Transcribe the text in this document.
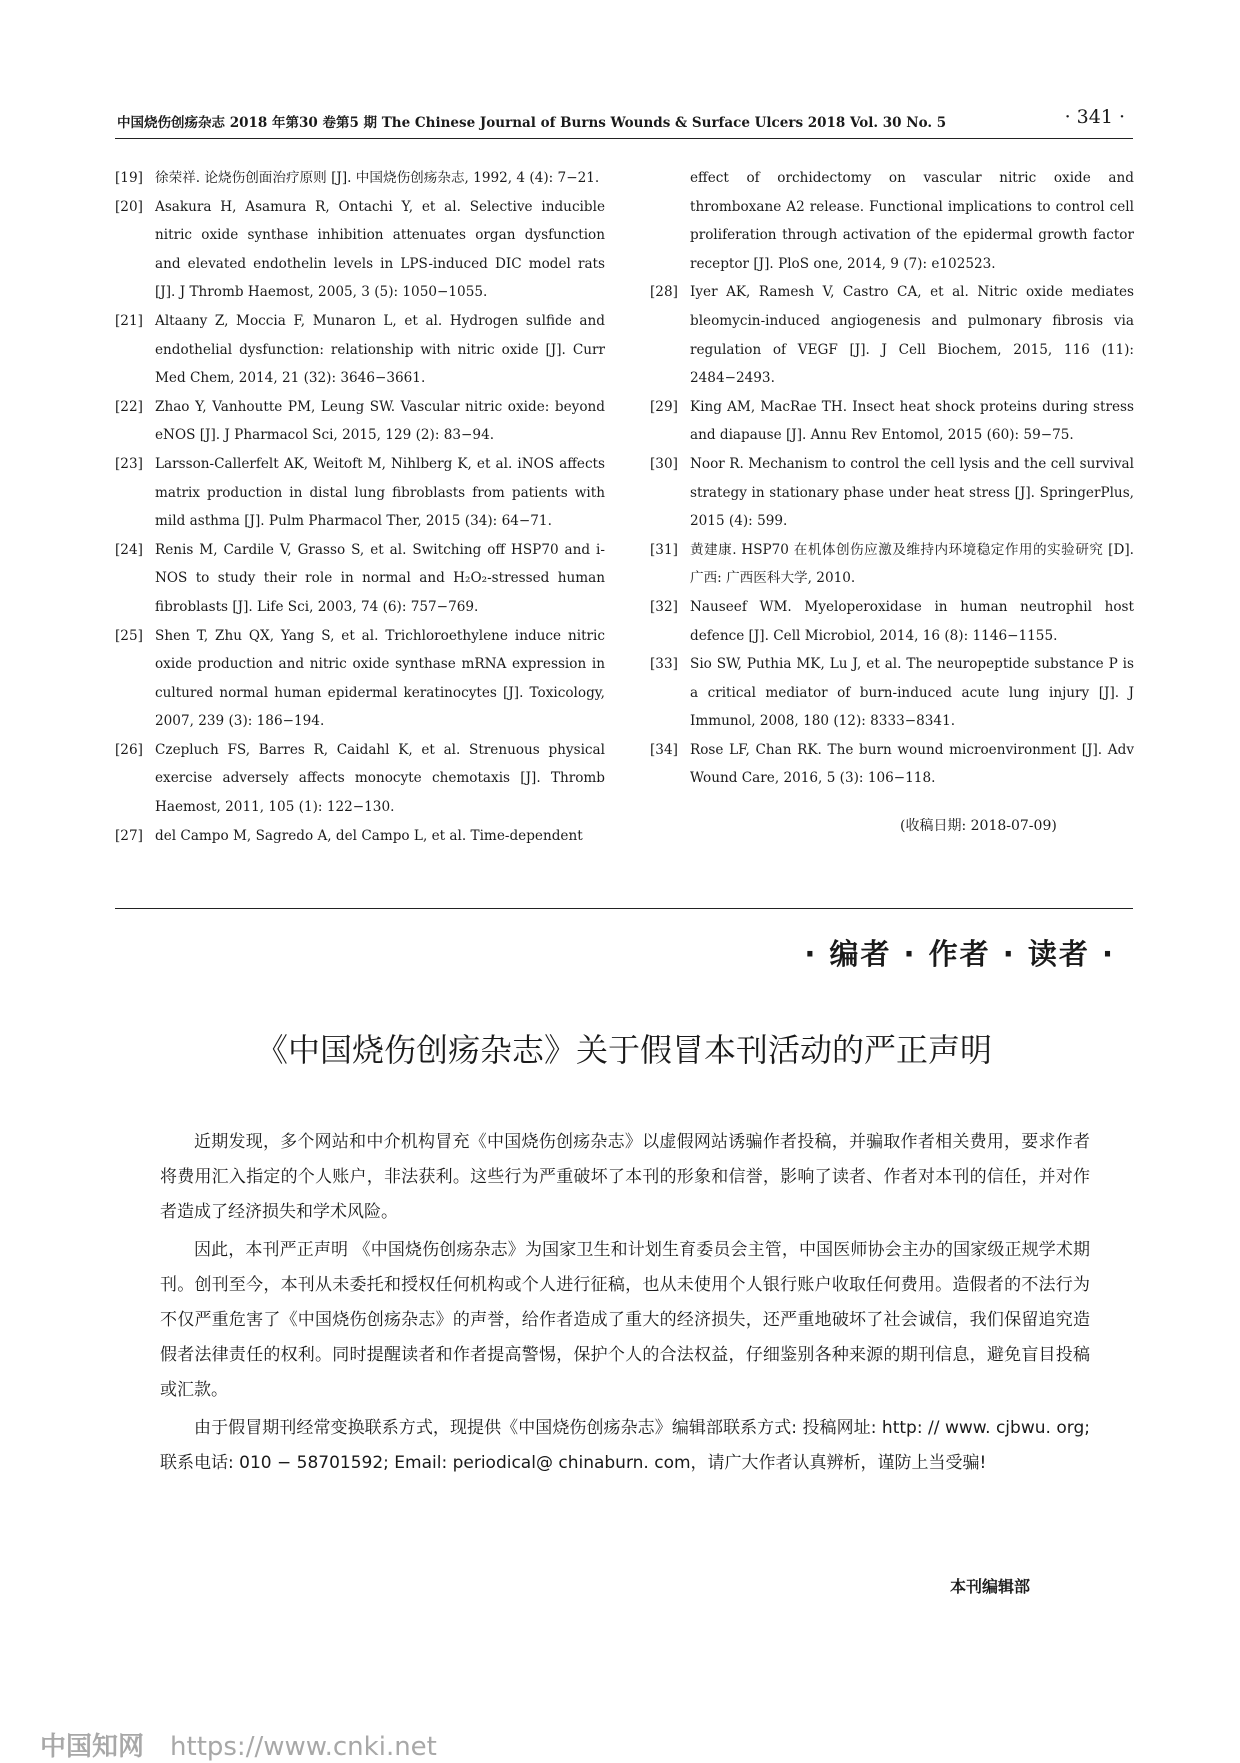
中国烧伤创疡杂志 2018 年第30 卷第5 期 The Chinese Journal of Burns Wounds & Surface Ulcers 2018 Vol. 30 No. 5	· 341 ·
[19] 徐荣祥. 论烧伤创面治疗原则 [J]. 中国烧伤创疡杂志, 1992, 4 (4): 7−21.
[20] Asakura H, Asamura R, Ontachi Y, et al. Selective inducible nitric oxide synthase inhibition attenuates organ dysfunction and elevated endothelin levels in LPS-induced DIC model rats [J]. J Thromb Haemost, 2005, 3 (5): 1050−1055.
[21] Altaany Z, Moccia F, Munaron L, et al. Hydrogen sulfide and endothelial dysfunction: relationship with nitric oxide [J]. Curr Med Chem, 2014, 21 (32): 3646−3661.
[22] Zhao Y, Vanhoutte PM, Leung SW. Vascular nitric oxide: beyond eNOS [J]. J Pharmacol Sci, 2015, 129 (2): 83−94.
[23] Larsson-Callerfelt AK, Weitoft M, Nihlberg K, et al. iNOS affects matrix production in distal lung fibroblasts from patients with mild asthma [J]. Pulm Pharmacol Ther, 2015 (34): 64−71.
[24] Renis M, Cardile V, Grasso S, et al. Switching off HSP70 and i-NOS to study their role in normal and H₂O₂-stressed human fibroblasts [J]. Life Sci, 2003, 74 (6): 757−769.
[25] Shen T, Zhu QX, Yang S, et al. Trichloroethylene induce nitric oxide production and nitric oxide synthase mRNA expression in cultured normal human epidermal keratinocytes [J]. Toxicology, 2007, 239 (3): 186−194.
[26] Czepluch FS, Barres R, Caidahl K, et al. Strenuous physical exercise adversely affects monocyte chemotaxis [J]. Thromb Haemost, 2011, 105 (1): 122−130.
[27] del Campo M, Sagredo A, del Campo L, et al. Time-dependent
effect of orchidectomy on vascular nitric oxide and thromboxane A2 release. Functional implications to control cell proliferation through activation of the epidermal growth factor receptor [J]. PloS one, 2014, 9 (7): e102523.
[28] Iyer AK, Ramesh V, Castro CA, et al. Nitric oxide mediates bleomycin-induced angiogenesis and pulmonary fibrosis via regulation of VEGF [J]. J Cell Biochem, 2015, 116 (11): 2484−2493.
[29] King AM, MacRae TH. Insect heat shock proteins during stress and diapause [J]. Annu Rev Entomol, 2015 (60): 59−75.
[30] Noor R. Mechanism to control the cell lysis and the cell survival strategy in stationary phase under heat stress [J]. SpringerPlus, 2015 (4): 599.
[31] 黄建康. HSP70 在机体创伤应激及维持内环境稳定作用的实验研究 [D]. 广西: 广西医科大学, 2010.
[32] Nauseef WM. Myeloperoxidase in human neutrophil host defence [J]. Cell Microbiol, 2014, 16 (8): 1146−1155.
[33] Sio SW, Puthia MK, Lu J, et al. The neuropeptide substance P is a critical mediator of burn-induced acute lung injury [J]. J Immunol, 2008, 180 (12): 8333−8341.
[34] Rose LF, Chan RK. The burn wound microenvironment [J]. Adv Wound Care, 2016, 5 (3): 106−118.
(收稿日期: 2018-07-09)
· 编者 · 作者 · 读者 ·
《中国烧伤创疡杂志》关于假冒本刊活动的严正声明

近期发现，多个网站和中介机构冒充《中国烧伤创疡杂志》以虚假网站诱骗作者投稿，并骗取作者相关费用，要求作者将费用汇入指定的个人账户，非法获利。这些行为严重破坏了本刊的形象和信誉，影响了读者、作者对本刊的信任，并对作者造成了经济损失和学术风险。

因此，本刊严正声明 《中国烧伤创疡杂志》为国家卫生和计划生育委员会主管，中国医师协会主办的国家级正规学术期刊。创刊至今，本刊从未委托和授权任何机构或个人进行征稿，也从未使用个人银行账户收取任何费用。造假者的不法行为不仅严重危害了《中国烧伤创疡杂志》的声誉，给作者造成了重大的经济损失，还严重地破坏了社会诚信，我们保留追究造假者法律责任的权利。同时提醒读者和作者提高警惕，保护个人的合法权益，仔细鉴别各种来源的期刊信息，避免盲目投稿或汇款。

由于假冒期刊经常变换联系方式，现提供《中国烧伤创疡杂志》编辑部联系方式: 投稿网址: http: // www. cjbwu. org; 联系电话: 010 − 58701592; Email: periodical@ chinaburn. com，请广大作者认真辨析，谨防上当受骗!

本刊编辑部
中国知网 https://www.cnki.net
